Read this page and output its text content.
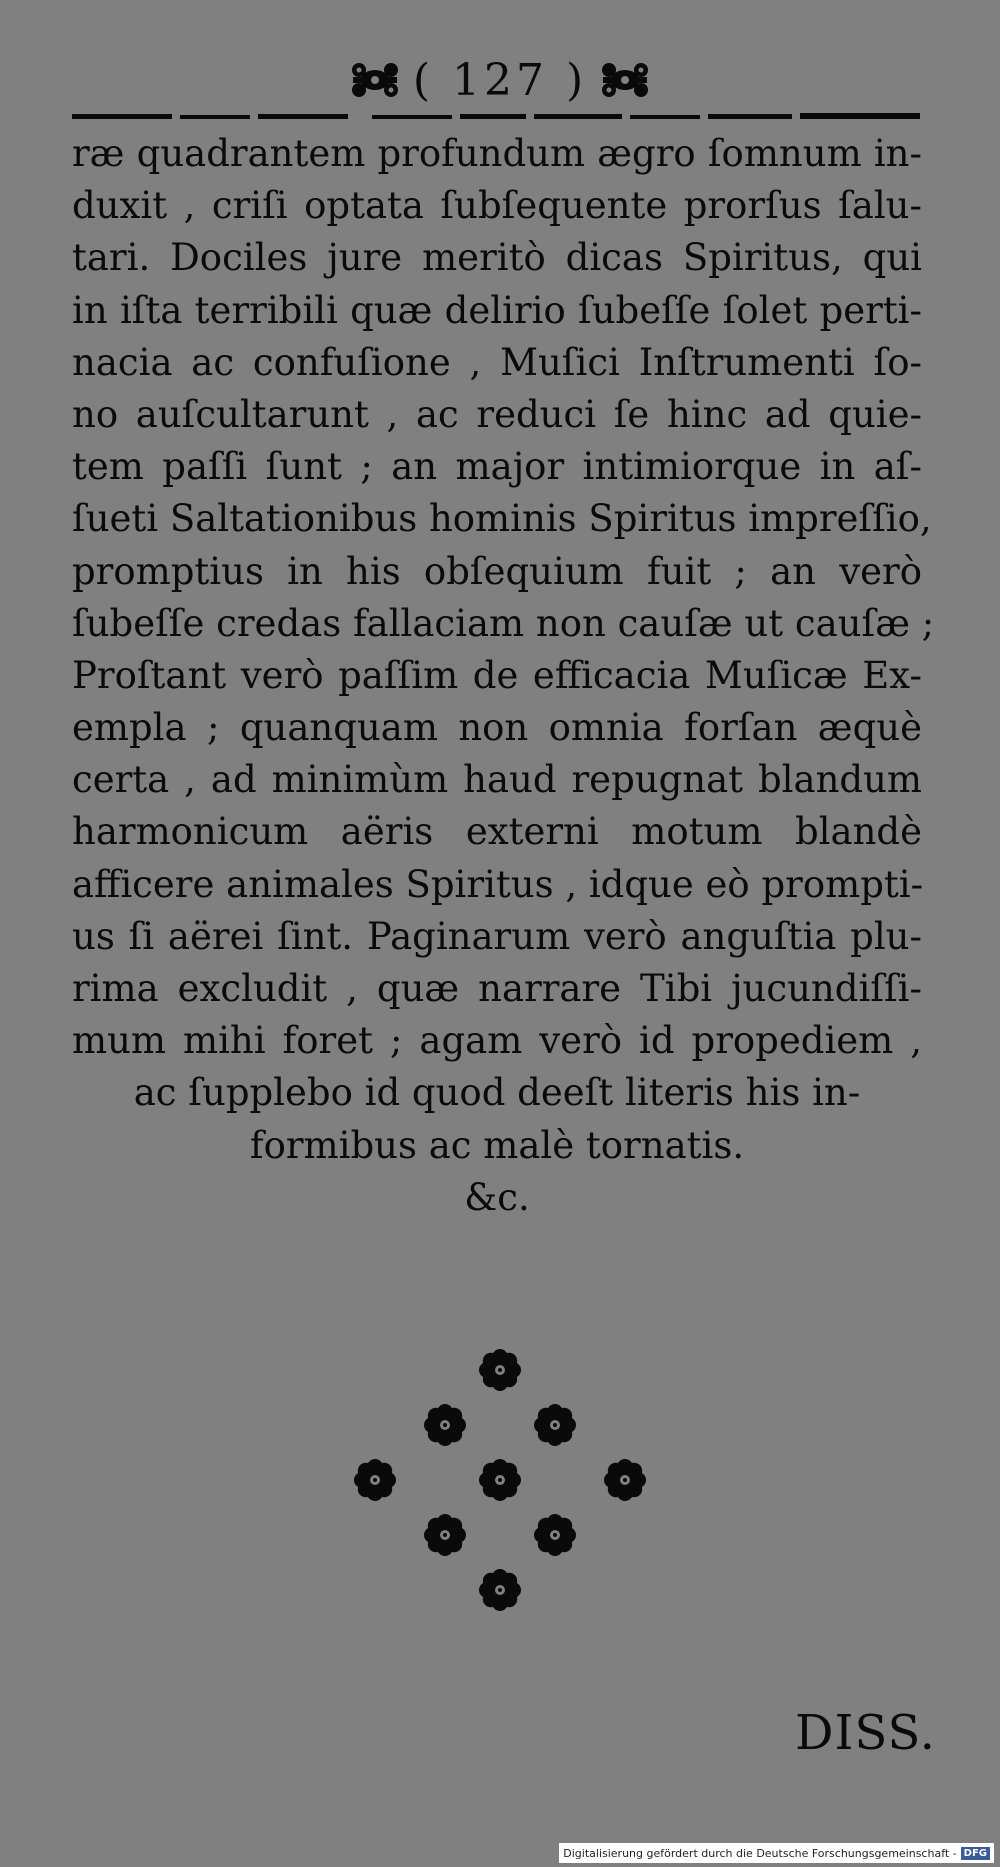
( 127 )
ræ quadrantem profundum ægro ſomnum in-
duxit , criſi optata ſubſequente prorſus ſalu-
tari. Dociles jure meritò dicas Spiritus, qui
in iſta terribili quæ delirio ſubeſſe ſolet perti-
nacia ac confuſione , Muſici Inſtrumenti ſo-
no auſcultarunt , ac reduci ſe hinc ad quie-
tem paſſi ſunt ; an major intimiorque in aſ-
ſueti Saltationibus hominis Spiritus impreſſio,
promptius in his obſequium fuit ; an verò
ſubeſſe credas fallaciam non cauſæ ut cauſæ ;
Proſtant verò paſſim de efficacia Muſicæ Ex-
empla ; quanquam non omnia forſan æquè
certa , ad minimùm haud repugnat blandum
harmonicum aëris externi motum blandè
afficere animales Spiritus , idque eò prompti-
us ſi aërei ſint. Paginarum verò anguſtia plu-
rima excludit , quæ narrare Tibi jucundiſſi-
mum mihi foret ; agam verò id propediem ,
ac ſupplebo id quod deeſt literis his in-
formibus ac malè tornatis.
&c.
DISS.
Digitalisierung gefördert durch die Deutsche Forschungsgemeinschaft - DFG
